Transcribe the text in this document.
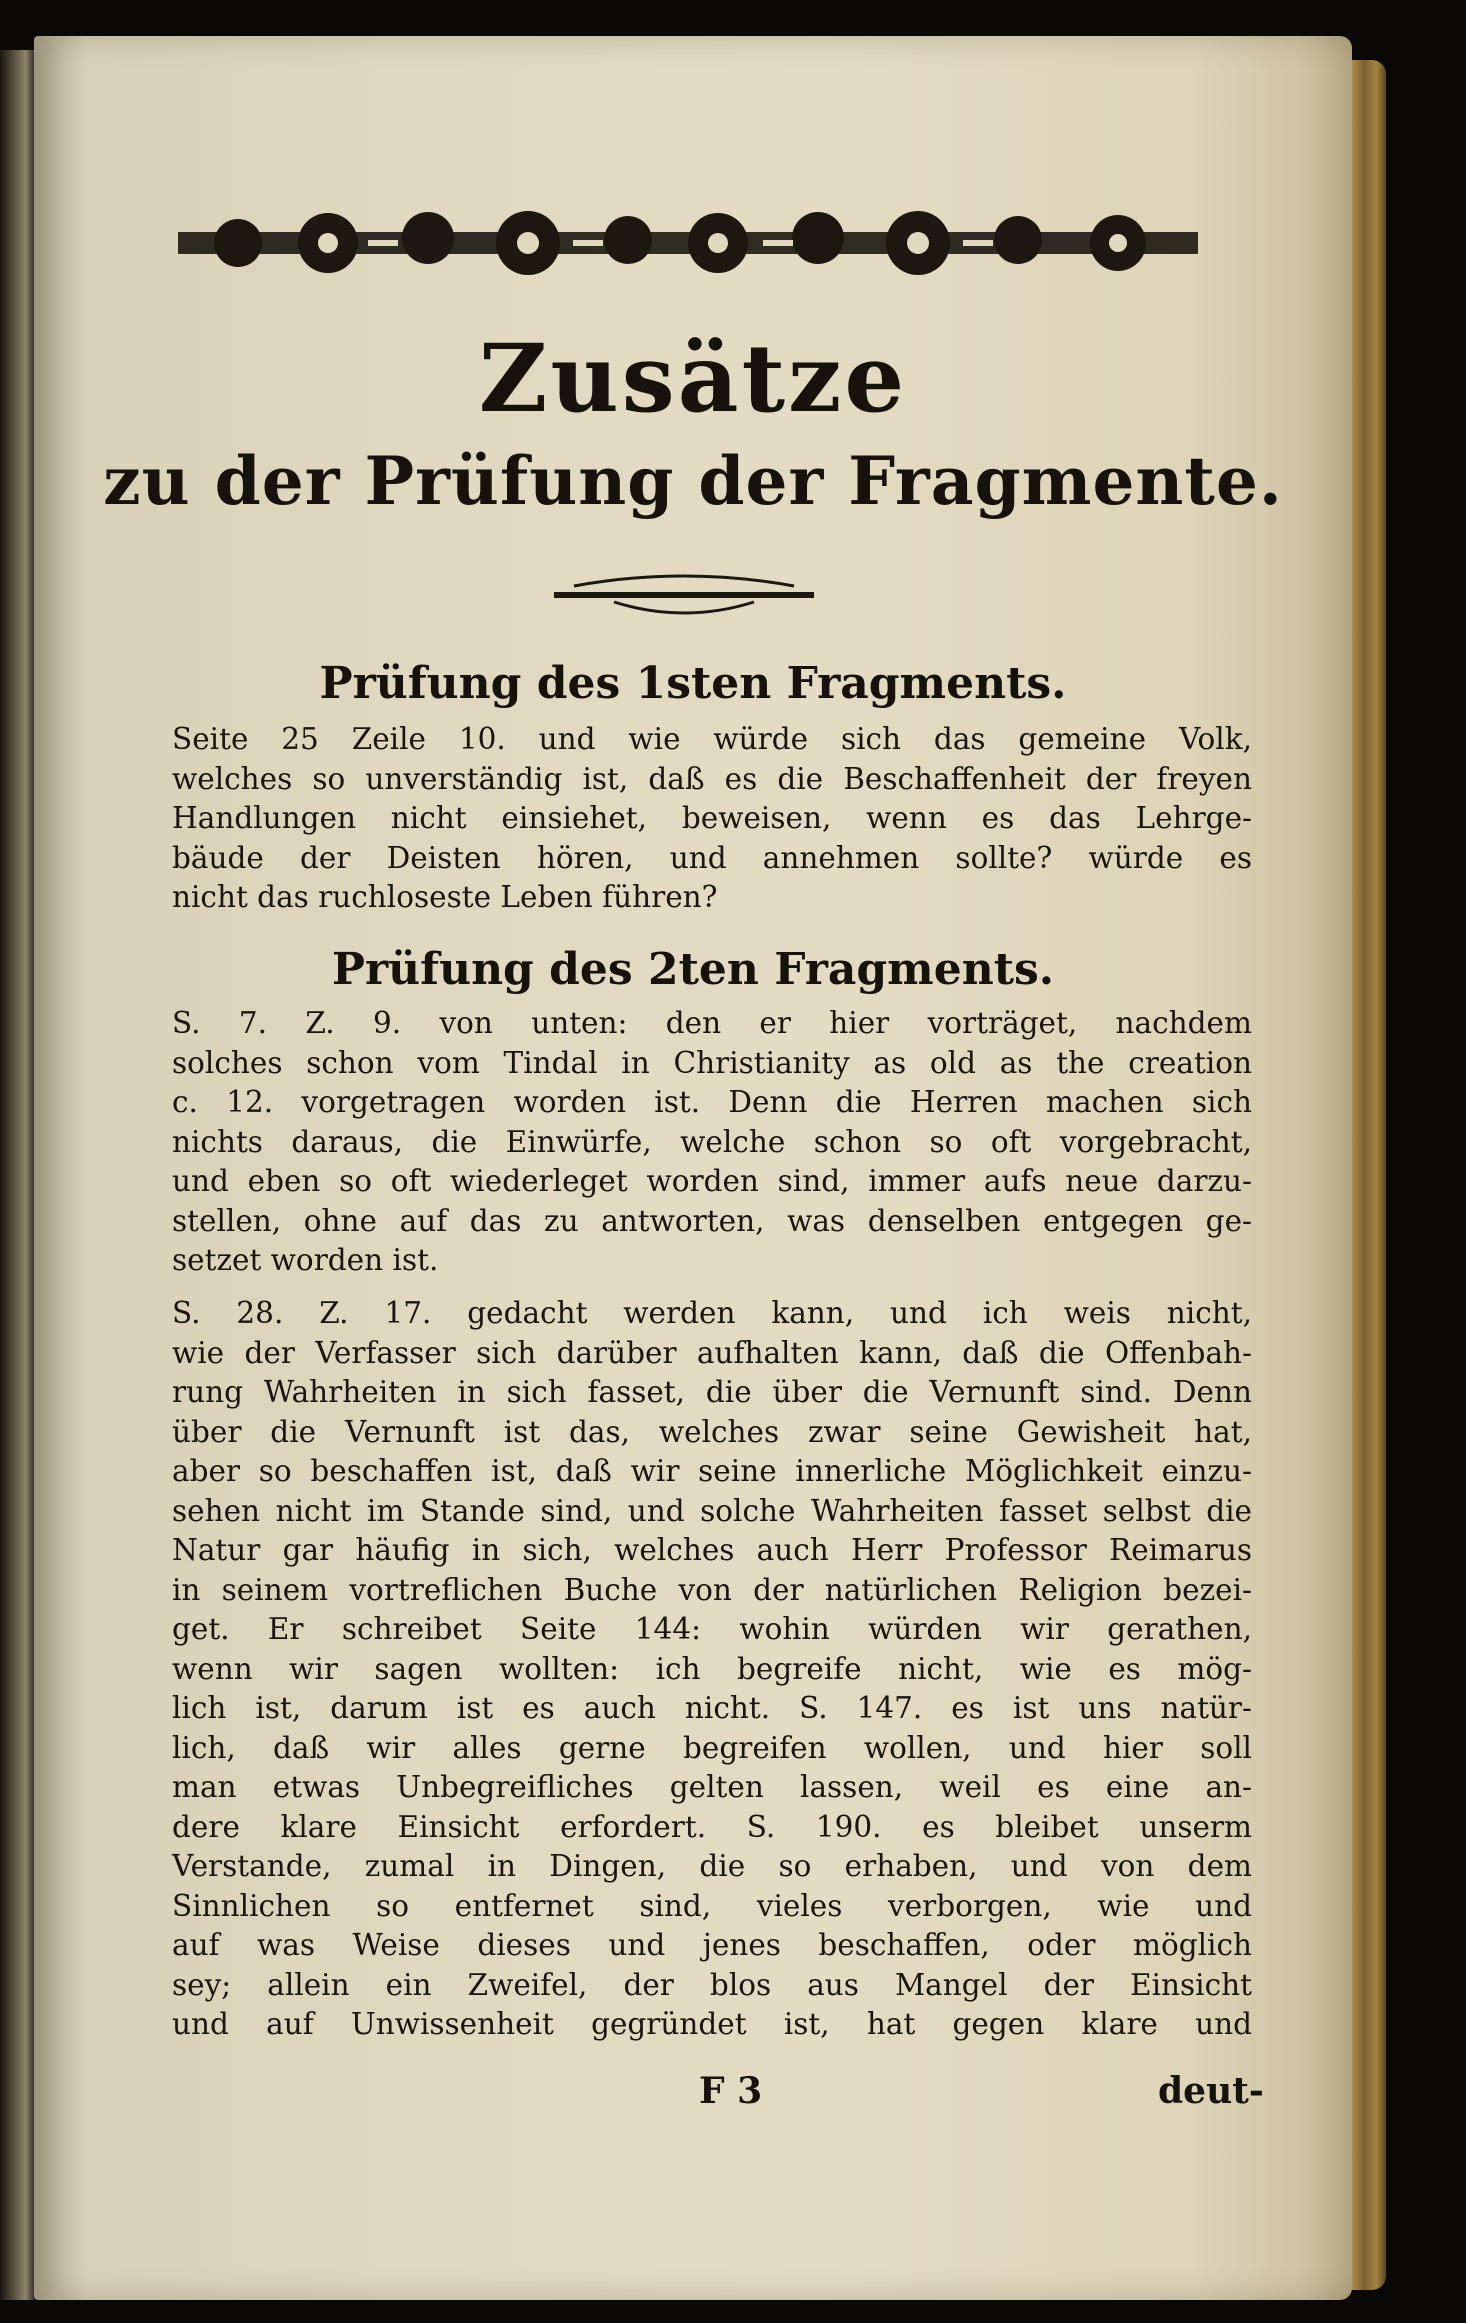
Zusätze
zu der Prüfung der Fragmente.
Prüfung des 1sten Fragments.
Seite 25 Zeile 10. und wie würde sich das gemeine Volk,
welches so unverständig ist, daß es die Beschaffenheit der freyen
Handlungen nicht einsiehet, beweisen, wenn es das Lehrge-
bäude der Deisten hören, und annehmen sollte? würde es
nicht das ruchloseste Leben führen?
Prüfung des 2ten Fragments.
S. 7. Z. 9. von unten: den er hier vorträget, nachdem
solches schon vom Tindal in Christianity as old as the creation
c. 12. vorgetragen worden ist. Denn die Herren machen sich
nichts daraus, die Einwürfe, welche schon so oft vorgebracht,
und eben so oft wiederleget worden sind, immer aufs neue darzu-
stellen, ohne auf das zu antworten, was denselben entgegen ge-
setzet worden ist.
S. 28. Z. 17. gedacht werden kann, und ich weis nicht,
wie der Verfasser sich darüber aufhalten kann, daß die Offenbah-
rung Wahrheiten in sich fasset, die über die Vernunft sind. Denn
über die Vernunft ist das, welches zwar seine Gewisheit hat,
aber so beschaffen ist, daß wir seine innerliche Möglichkeit einzu-
sehen nicht im Stande sind, und solche Wahrheiten fasset selbst die
Natur gar häufig in sich, welches auch Herr Professor Reimarus
in seinem vortreflichen Buche von der natürlichen Religion bezei-
get. Er schreibet Seite 144: wohin würden wir gerathen,
wenn wir sagen wollten: ich begreife nicht, wie es mög-
lich ist, darum ist es auch nicht. S. 147. es ist uns natür-
lich, daß wir alles gerne begreifen wollen, und hier soll
man etwas Unbegreifliches gelten lassen, weil es eine an-
dere klare Einsicht erfordert. S. 190. es bleibet unserm
Verstande, zumal in Dingen, die so erhaben, und von dem
Sinnlichen so entfernet sind, vieles verborgen, wie und
auf was Weise dieses und jenes beschaffen, oder möglich
sey; allein ein Zweifel, der blos aus Mangel der Einsicht
und auf Unwissenheit gegründet ist, hat gegen klare und
F 3	deut-
